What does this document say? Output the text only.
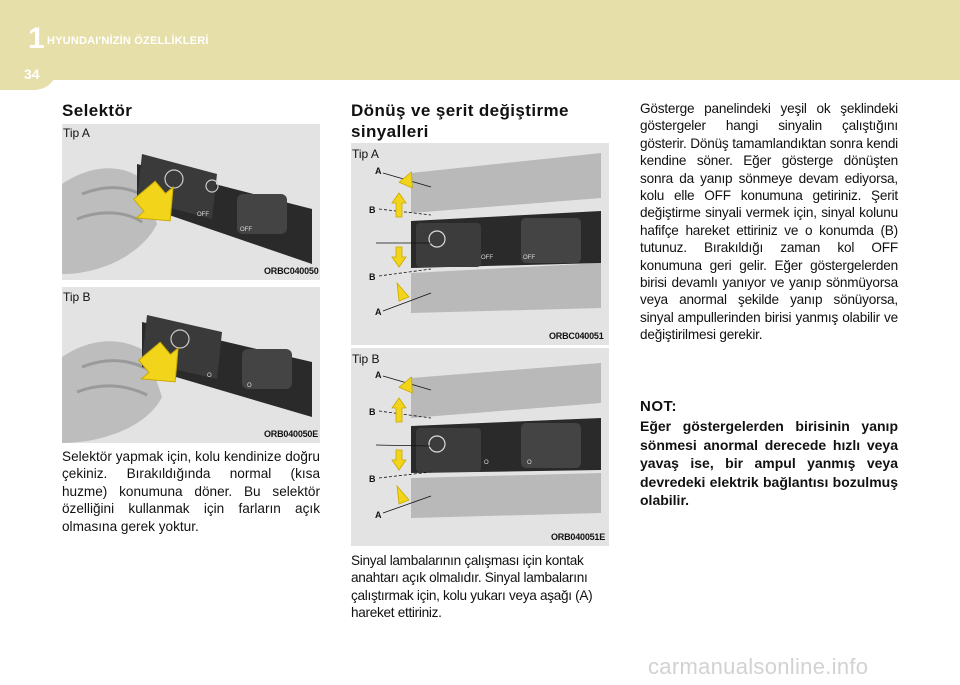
1 HYUNDAI'NİZİN ÖZELLİKLERİ
34
Selektör
OFF
OFF
Tip A
ORBC040050
O
O
Tip B
ORB040050E
Selektör yapmak için, kolu kendinize doğru çekiniz. Bırakıldığında normal (kısa huzme) konumuna döner. Bu selektör özelliğini kullanmak için farların açık olmasına gerek yoktur.
Dönüş ve şerit değiştirme
sinyalleri
OFF	OFF
A
B
B
A
Tip A
ORBC040051
O	O
A
B
B
A
Tip B
ORB040051E
Sinyal lambalarının çalışması için kontak anahtarı açık olmalıdır. Sinyal lambalarını çalıştırmak için, kolu yukarı veya aşağı (A) hareket ettiriniz.
Gösterge panelindeki yeşil ok şeklindeki göstergeler hangi sinyalin çalıştığını gösterir. Dönüş tamamlandıktan sonra kendi kendine söner. Eğer gösterge dönüşten sonra da yanıp sönmeye devam ediyorsa, kolu elle OFF konumuna getiriniz. Şerit değiştirme sinyali vermek için, sinyal kolunu hafifçe hareket ettiriniz ve o konumda (B) tutunuz. Bırakıldığı zaman kol OFF konumuna geri gelir. Eğer göstergelerden birisi devamlı yanıyor ve yanıp sönmüyorsa veya anormal şekilde yanıp sönüyorsa, sinyal ampullerinden birisi yanmış olabilir ve değiştirilmesi gerekir.
NOT:
Eğer göstergelerden birisinin yanıp sönmesi anormal derecede hızlı veya yavaş ise, bir ampul yanmış veya devredeki elektrik bağlantısı bozulmuş olabilir.
carmanualsonline.info
